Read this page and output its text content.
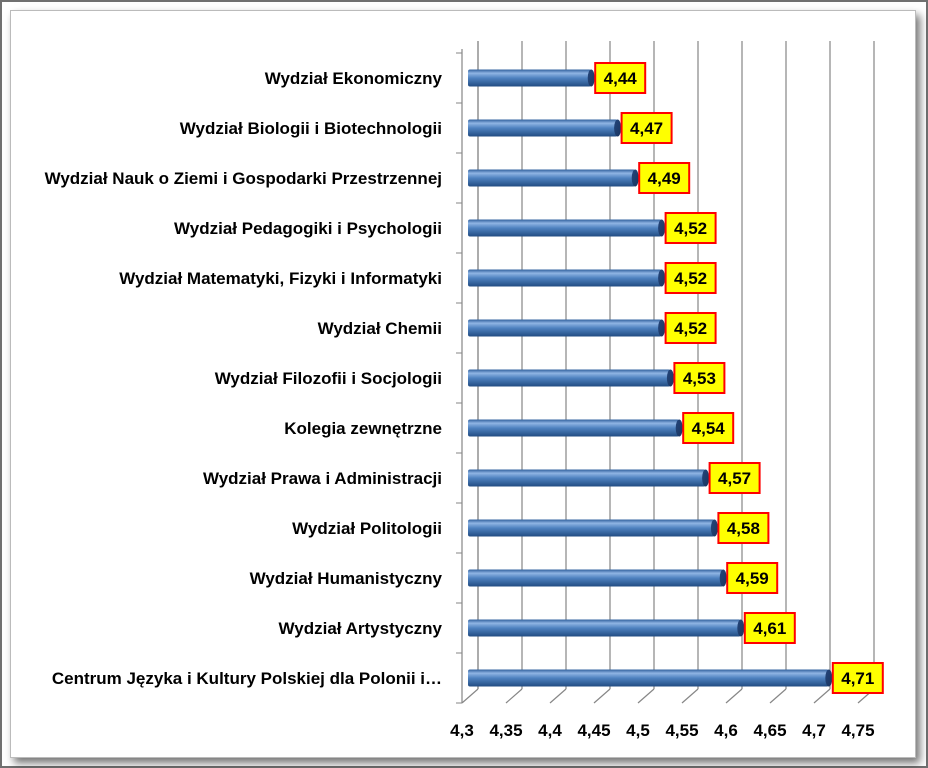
Wydział Ekonomiczny
Wydział Biologii i Biotechnologii
Wydział Nauk o Ziemi i Gospodarki Przestrzennej
Wydział Pedagogiki i Psychologii
Wydział Matematyki, Fizyki i Informatyki
Wydział Chemii
Wydział Filozofii i Socjologii
Kolegia zewnętrzne
Wydział Prawa i Administracji
Wydział Politologii
Wydział Humanistyczny
Wydział Artystyczny
Centrum Języka i Kultury Polskiej dla Polonii i…
4,3 4,35 4,4 4,45 4,5 4,55 4,6 4,65 4,7 4,75
4,44
4,47
4,49
4,52
4,52
4,52
4,53
4,54
4,57
4,58
4,59
4,61
4,71
